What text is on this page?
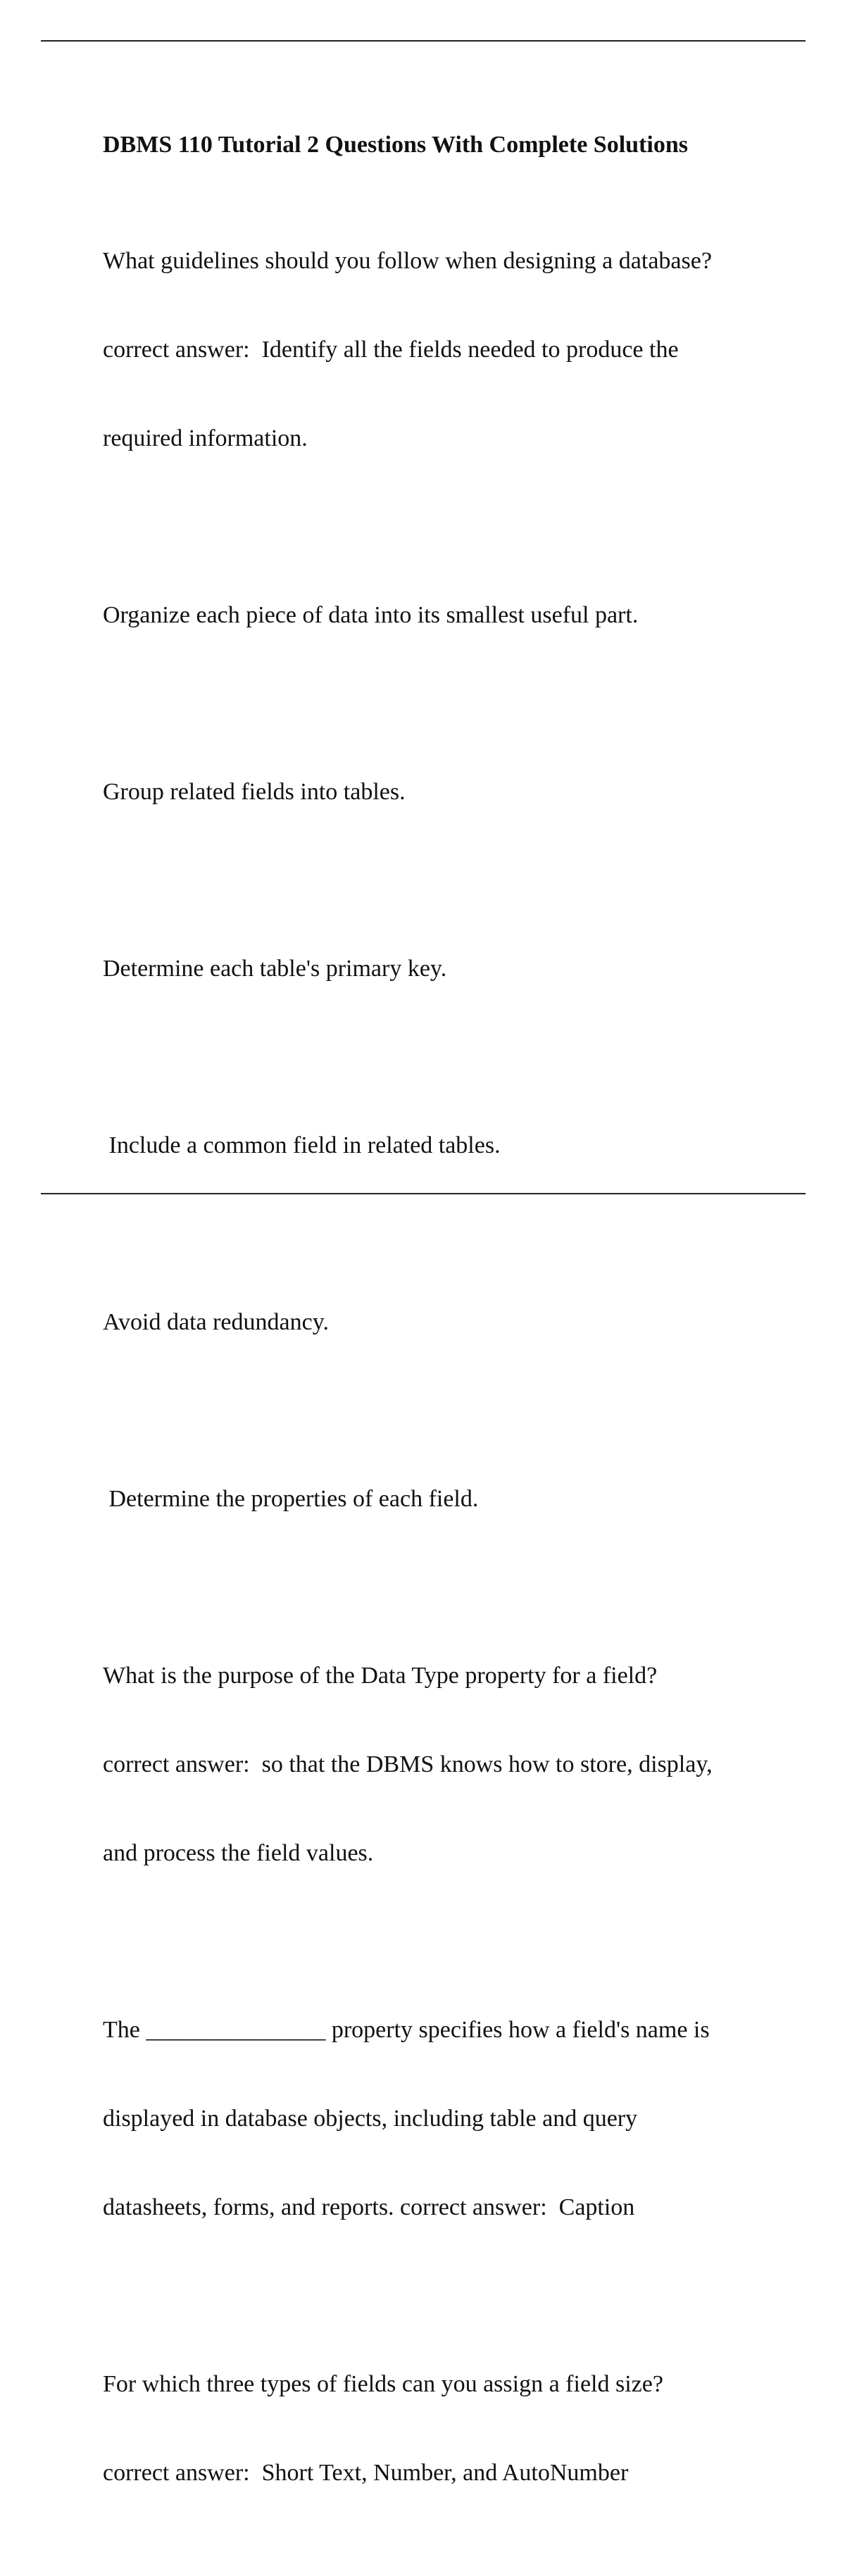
DBMS 110 Tutorial 2 Questions With Complete Solutions

What guidelines should you follow when designing a database?

correct answer:  Identify all the fields needed to produce the

required information.

Organize each piece of data into its smallest useful part.

Group related fields into tables.

Determine each table's primary key.

Include a common field in related tables.

Avoid data redundancy.

Determine the properties of each field.

What is the purpose of the Data Type property for a field?

correct answer:  so that the DBMS knows how to store, display,

and process the field values.

The _______________ property specifies how a field's name is

displayed in database objects, including table and query

datasheets, forms, and reports. correct answer:  Caption

For which three types of fields can you assign a field size?

correct answer:  Short Text, Number, and AutoNumber
